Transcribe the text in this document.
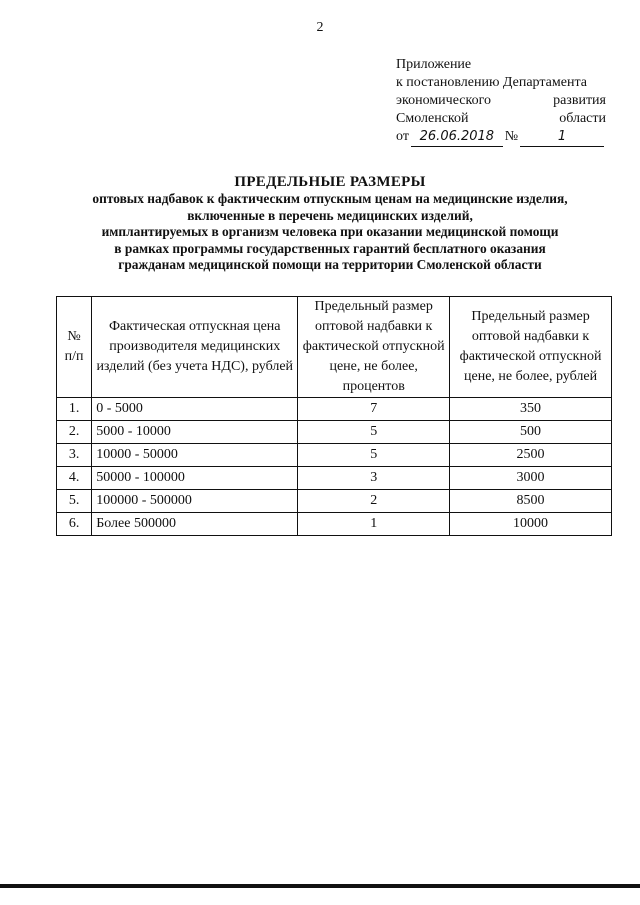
2
Приложение
к постановлению Департамента
экономического	развития
Смоленской	области
от 26.06.2018 №	1
ПРЕДЕЛЬНЫЕ РАЗМЕРЫ
оптовых надбавок к фактическим отпускным ценам на медицинские изделия,
включенные в перечень медицинских изделий,
имплантируемых в организм человека при оказании медицинской помощи
в рамках программы государственных гарантий бесплатного оказания
гражданам медицинской помощи на территории Смоленской области
№ п/п	Фактическая отпускная цена производителя медицинских изделий (без учета НДС), рублей	Предельный размер оптовой надбавки к фактической отпускной цене, не более, процентов	Предельный размер оптовой надбавки к фактической отпускной цене, не более, рублей
1.	0 - 5000	7	350
2.	5000 - 10000	5	500
3.	10000 - 50000	5	2500
4.	50000 - 100000	3	3000
5.	100000 - 500000	2	8500
6.	Более 500000	1	10000
